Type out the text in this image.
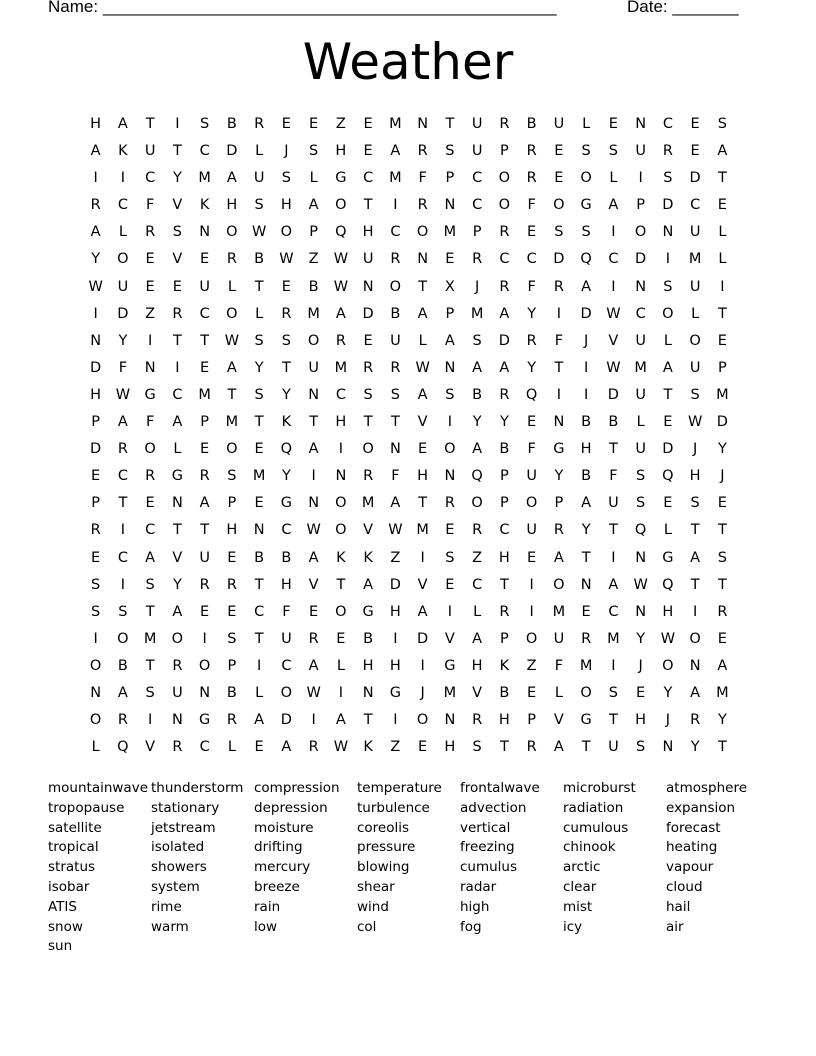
Name: ________________________________________________	Date: _______
Weather
H	A	T	I	S	B	R	E	E	Z	E	M	N	T	U	R	B	U	L	E	N	C	E	S
A	K	U	T	C	D	L	J	S	H	E	A	R	S	U	P	R	E	S	S	U	R	E	A
I	I	C	Y	M	A	U	S	L	G	C	M	F	P	C	O	R	E	O	L	I	S	D	T
R	C	F	V	K	H	S	H	A	O	T	I	R	N	C	O	F	O	G	A	P	D	C	E
A	L	R	S	N	O W O	P	Q	H	C	O	M	P	R	E	S	S	I	O	N	U	L
Y	O	E	V	E	R	B	W	Z	W	U	R	N	E	R	C	C	D	Q	C	D	I	M	L
W	U	E	E	U	L	T	E	B	W	N	O	T	X	J	R	F	R	A	I	N	S	U	I
I	D	Z	R	C	O	L	R	M	A	D	B	A	P	M	A	Y	I	D	W	C	O	L	T
N	Y	I	T	T	W	S	S	O	R	E	U	L	A	S	D	R	F	J	V	U	L	O	E
D	F	N	I	E	A	Y	T	U	M	R	R	W	N	A	A	Y	T	I	W M	A	U	P
H	W G	C	M	T	S	Y	N	C	S	S	A	S	B	R	Q	I	I	D	U	T	S	M
P	A	F	A	P	M	T	K	T	H	T	T	V	I	Y	Y	E	N	B	B	L	E	W D
D	R	O	L	E	O	E	Q	A	I	O	N	E	O	A	B	F	G	H	T	U	D	J	Y
E	C	R	G	R	S	M	Y	I	N	R	F	H	N	Q	P	U	Y	B	F	S	Q	H	J
P	T	E	N	A	P	E	G	N	O	M	A	T	R	O	P	O	P	A	U	S	E	S	E
R	I	C	T	T	H	N	C	W O	V	W M	E	R	C	U	R	Y	T	Q	L	T	T
E	C	A	V	U	E	B	B	A	K	K	Z	I	S	Z	H	E	A	T	I	N	G	A	S
S	I	S	Y	R	R	T	H	V	T	A	D	V	E	C	T	I	O	N	A	W Q	T	T
S	S	T	A	E	E	C	F	E	O	G	H	A	I	L	R	I	M	E	C	N	H	I	R
I	O	M	O	I	S	T	U	R	E	B	I	D	V	A	P	O	U	R	M	Y	W O	E
O	B	T	R	O	P	I	C	A	L	H	H	I	G	H	K	Z	F	M	I	J	O	N	A
N	A	S	U	N	B	L	O W	I	N	G	J	M	V	B	E	L	O	S	E	Y	A	M
O	R	I	N	G	R	A	D	I	A	T	I	O	N	R	H	P	V	G	T	H	J	R	Y
L	Q	V	R	C	L	E	A	R	W	K	Z	E	H	S	T	R	A	T	U	S	N	Y	T
mountainwave
tropopause
satellite
tropical
stratus
isobar
ATIS
snow
sun
thunderstorm
stationary
jetstream
isolated
showers
system
rime
warm
compression
depression
moisture
drifting
mercury
breeze
rain
low
temperature
turbulence
coreolis
pressure
blowing
shear
wind
col
frontalwave
advection
vertical
freezing
cumulus
radar
high
fog
microburst
radiation
cumulous
chinook
arctic
clear
mist
icy
atmosphere
expansion
forecast
heating
vapour
cloud
hail
air
